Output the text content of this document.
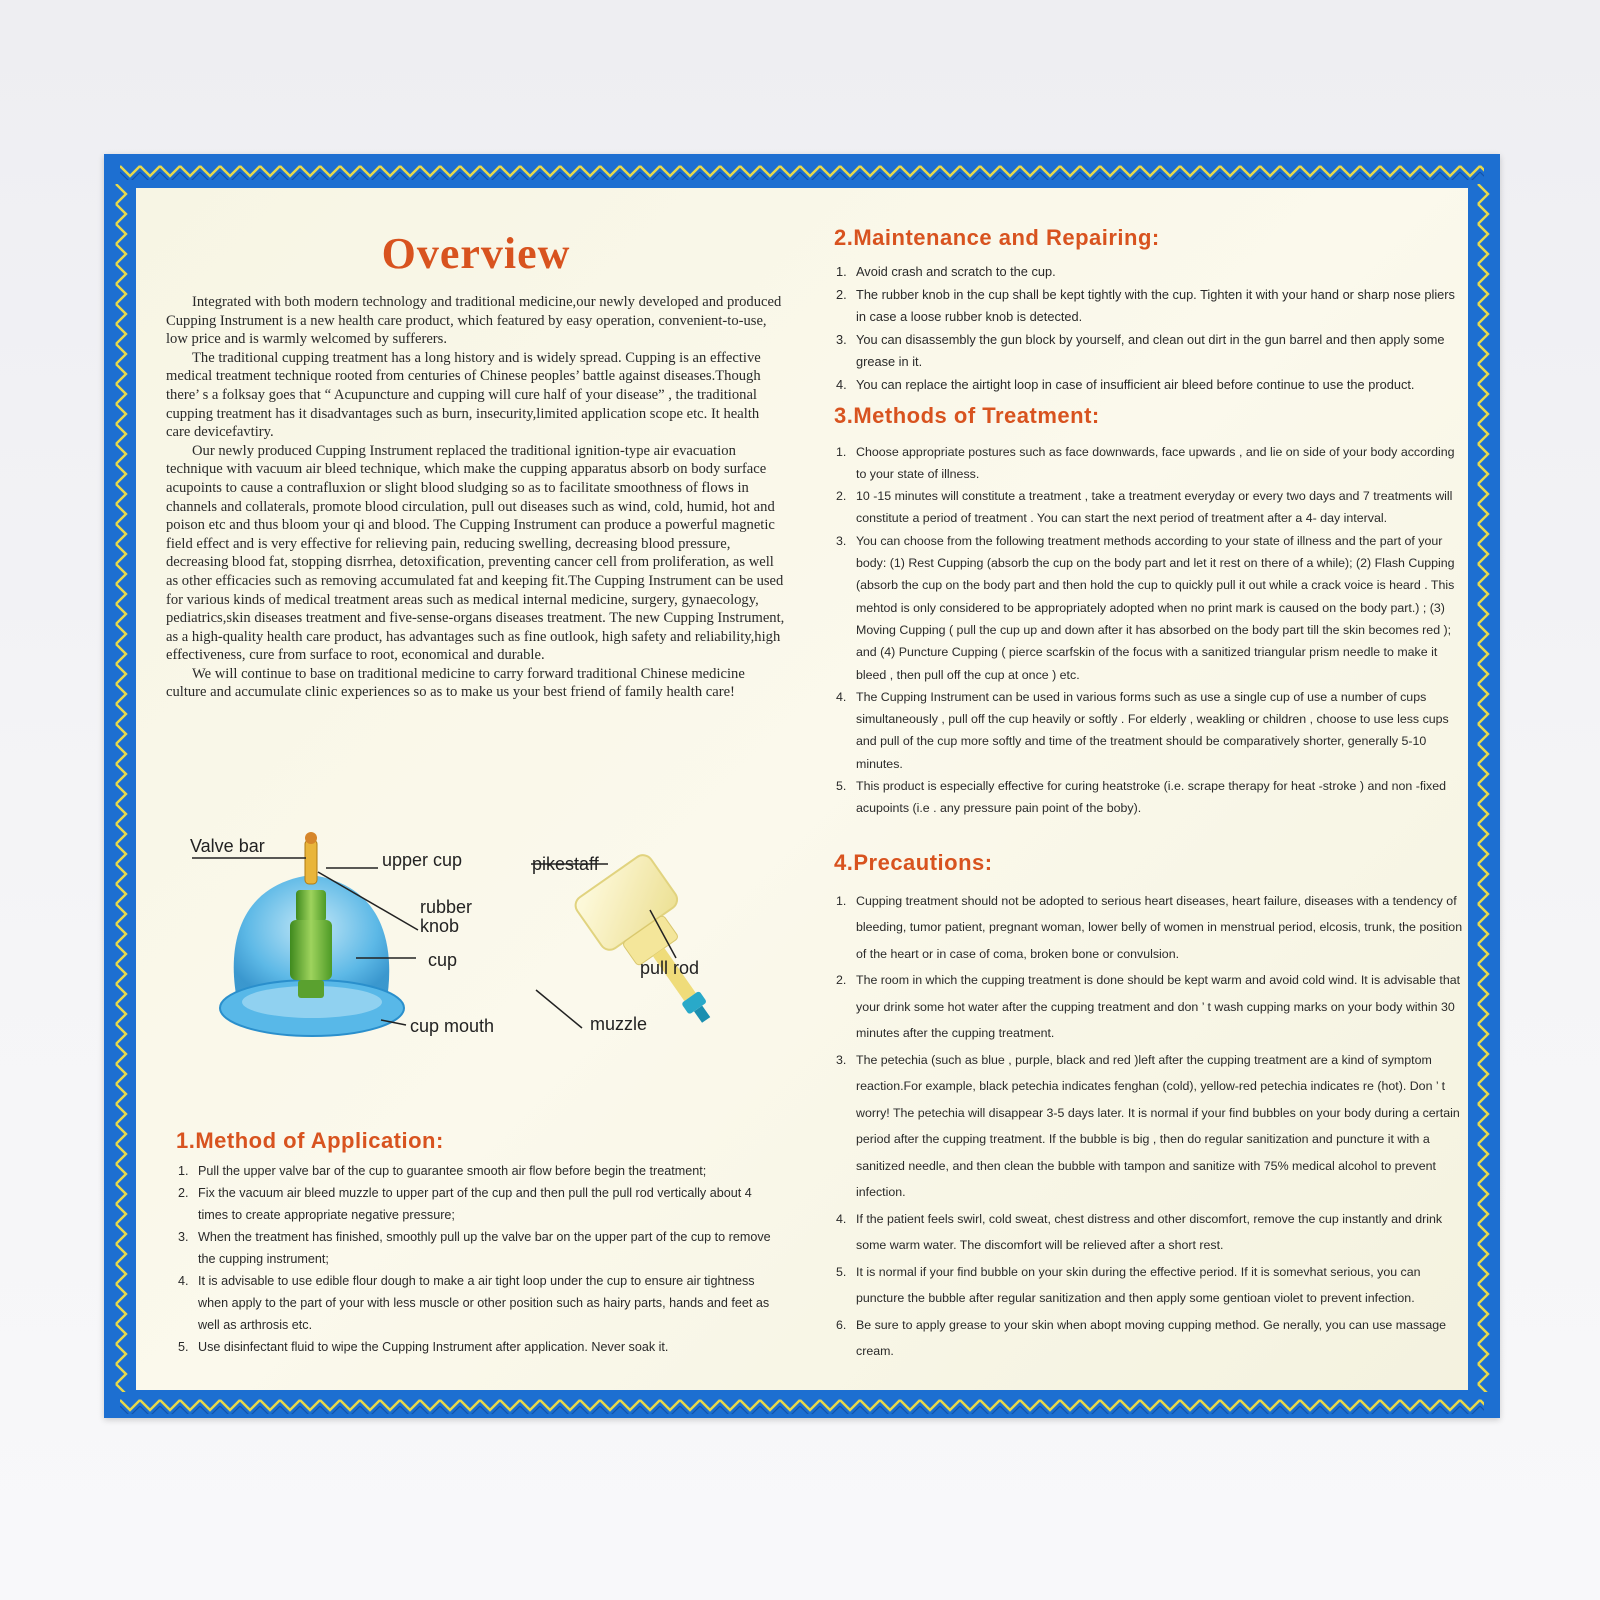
Overview

Integrated with both modern technology and traditional medicine,our newly developed and produced Cupping Instrument is a new health care product, which featured by easy operation, convenient-to-use, low price and is warmly welcomed by sufferers.

The traditional cupping treatment has a long history and is widely spread. Cupping is an effective medical treatment technique rooted from centuries of Chinese peoples’ battle against diseases.Though there’ s a folksay goes that “ Acupuncture and cupping will cure half of your disease” , the traditional cupping treatment has it disadvantages such as burn, insecurity,limited application scope etc. It health care devicefavtiry.

Our newly produced Cupping Instrument replaced the traditional ignition-type air evacuation technique with vacuum air bleed technique, which make the cupping apparatus absorb on body surface acupoints to cause a contrafluxion or slight blood sludging so as to facilitate smoothness of flows in channels and collaterals, promote blood circulation, pull out diseases such as wind, cold, humid, hot and poison etc and thus bloom your qi and blood. The Cupping Instrument can produce a powerful magnetic field effect and is very effective for relieving pain, reducing swelling, decreasing blood pressure, decreasing blood fat, stopping disrrhea, detoxification, preventing cancer cell from proliferation, as well as other efficacies such as removing accumulated fat and keeping fit.The Cupping Instrument can be used for various kinds of medical treatment areas such as medical internal medicine, surgery, gynaecology, pediatrics,skin diseases treatment and five-sense-organs diseases treatment. The new Cupping Instrument, as a high-quality health care product, has advantages such as fine outlook, high safety and reliability,high effectiveness, cure from surface to root, economical and durable.

We will continue to base on traditional medicine to carry forward traditional Chinese medicine culture and accumulate clinic experiences so as to make us your best friend of family health care!

Valve bar
upper cup
rubber
knob
cup
cup mouth
pikestaff
pull rod
muzzle
1.Method of Application:
1. Pull the upper valve bar of the cup to guarantee smooth air flow before begin the treatment;
2. Fix the vacuum air bleed muzzle to upper part of the cup and then pull the pull rod vertically about 4 times to create appropriate negative pressure;
3. When the treatment has finished, smoothly pull up the valve bar on the upper part of the cup to remove the cupping instrument;
4. It is advisable to use edible flour dough to make a air tight loop under the cup to ensure air tightness when apply to the part of your with less muscle or other position such as hairy parts, hands and feet as well as arthrosis etc.
5. Use disinfectant fluid to wipe the Cupping Instrument after application. Never soak it.
2.Maintenance and Repairing:
1. Avoid crash and scratch to the cup.
2. The rubber knob in the cup shall be kept tightly with the cup. Tighten it with your hand or sharp nose pliers in case a loose rubber knob is detected.
3. You can disassembly the gun block by yourself, and clean out dirt in the gun barrel and then apply some grease in it.
4. You can replace the airtight loop in case of insufficient air bleed before continue to use the product.
3.Methods of Treatment:
1. Choose appropriate postures such as face downwards, face upwards , and lie on side of your body according to your state of illness.
2. 10 -15 minutes will constitute a treatment , take a treatment everyday or every two days and 7 treatments will constitute a period of treatment . You can start the next period of treatment after a 4- day interval.
3. You can choose from the following treatment methods according to your state of illness and the part of your body: (1) Rest Cupping (absorb the cup on the body part and let it rest on there of a while); (2) Flash Cupping (absorb the cup on the body part and then hold the cup to quickly pull it out while a crack voice is heard . This mehtod is only considered to be appropriately adopted when no print mark is caused on the body part.) ; (3) Moving Cupping ( pull the cup up and down after it has absorbed on the body part till the skin becomes red ); and (4) Puncture Cupping ( pierce scarfskin of the focus with a sanitized triangular prism needle to make it bleed , then pull off the cup at once ) etc.
4. The Cupping Instrument can be used in various forms such as use a single cup of use a number of cups simultaneously , pull off the cup heavily or softly . For elderly , weakling or children , choose to use less cups and pull of the cup more softly and time of the treatment should be comparatively shorter, generally 5-10 minutes.
5. This product is especially effective for curing heatstroke (i.e. scrape therapy for heat -stroke ) and non -fixed acupoints (i.e . any pressure pain point of the boby).
4.Precautions:
1. Cupping treatment should not be adopted to serious heart diseases, heart failure, diseases with a tendency of bleeding, tumor patient, pregnant woman, lower belly of women in menstrual period, elcosis, trunk, the position of the heart or in case of coma, broken bone or convulsion.
2. The room in which the cupping treatment is done should be kept warm and avoid cold wind. It is advisable that your drink some hot water after the cupping treatment and don ’ t wash cupping marks on your body within 30 minutes after the cupping treatment.
3. The petechia (such as blue , purple, black and red )left after the cupping treatment are a kind of symptom reaction.For example, black petechia indicates fenghan (cold), yellow-red petechia indicates re (hot). Don ’ t worry! The petechia will disappear 3-5 days later. It is normal if your find bubbles on your body during a certain period after the cupping treatment. If the bubble is big , then do regular sanitization and puncture it with a sanitized needle, and then clean the bubble with tampon and sanitize with 75% medical alcohol to prevent infection.
4. If the patient feels swirl, cold sweat, chest distress and other discomfort, remove the cup instantly and drink some warm water. The discomfort will be relieved after a short rest.
5. It is normal if your find bubble on your skin during the effective period. If it is somevhat serious, you can puncture the bubble after regular sanitization and then apply some gentioan violet to prevent infection.
6. Be sure to apply grease to your skin when abopt moving cupping method. Ge nerally, you can use massage cream.
